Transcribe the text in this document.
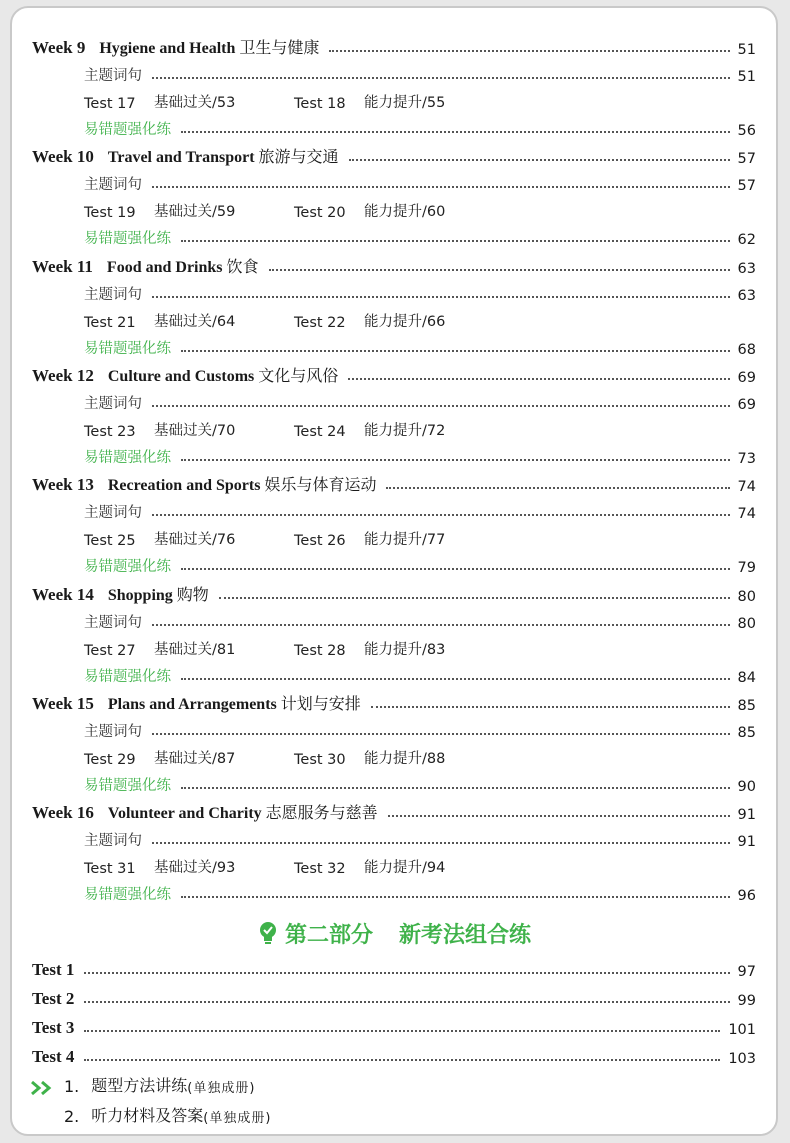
Week 9 Hygiene and Health 卫生与健康	51
主题词句	51
Test 17	基础过关/53	Test 18	能力提升/55
易错题强化练	56
Week 10 Travel and Transport 旅游与交通	57
主题词句	57
Test 19	基础过关/59	Test 20	能力提升/60
易错题强化练	62
Week 11 Food and Drinks 饮食	63
主题词句	63
Test 21	基础过关/64	Test 22	能力提升/66
易错题强化练	68
Week 12 Culture and Customs 文化与风俗	69
主题词句	69
Test 23	基础过关/70	Test 24	能力提升/72
易错题强化练	73
Week 13 Recreation and Sports 娱乐与体育运动	74
主题词句	74
Test 25	基础过关/76	Test 26	能力提升/77
易错题强化练	79
Week 14 Shopping 购物	80
主题词句	80
Test 27	基础过关/81	Test 28	能力提升/83
易错题强化练	84
Week 15 Plans and Arrangements 计划与安排	85
主题词句	85
Test 29	基础过关/87	Test 30	能力提升/88
易错题强化练	90
Week 16 Volunteer and Charity 志愿服务与慈善	91
主题词句	91
Test 31	基础过关/93	Test 32	能力提升/94
易错题强化练	96
第二部分 新考法组合练
Test 1	97
Test 2	99
Test 3	101
Test 4	103
1. 题型方法讲练 (单独成册)
2. 听力材料及答案 (单独成册)
